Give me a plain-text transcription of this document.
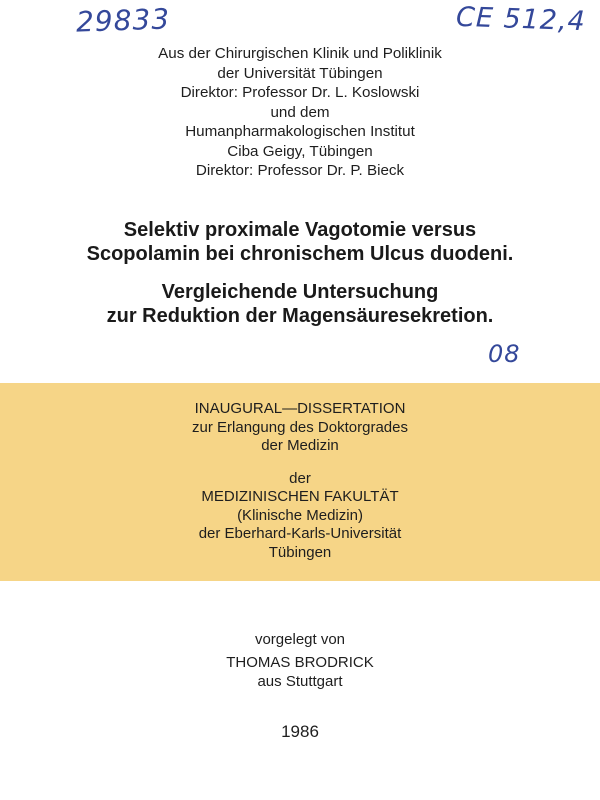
29833	CE 512,4
08
Aus der Chirurgischen Klinik und Poliklinik
der Universität Tübingen
Direktor: Professor Dr. L. Koslowski
und dem
Humanpharmakologischen Institut
Ciba Geigy, Tübingen
Direktor: Professor Dr. P. Bieck
Selektiv proximale Vagotomie versus
Scopolamin bei chronischem Ulcus duodeni.
Vergleichende Untersuchung
zur Reduktion der Magensäuresekretion.
INAUGURAL—DISSERTATION
zur Erlangung des Doktorgrades
der Medizin
der
MEDIZINISCHEN FAKULTÄT
(Klinische Medizin)
der Eberhard-Karls-Universität
Tübingen
vorgelegt von
THOMAS BRODRICK
aus Stuttgart
1986
